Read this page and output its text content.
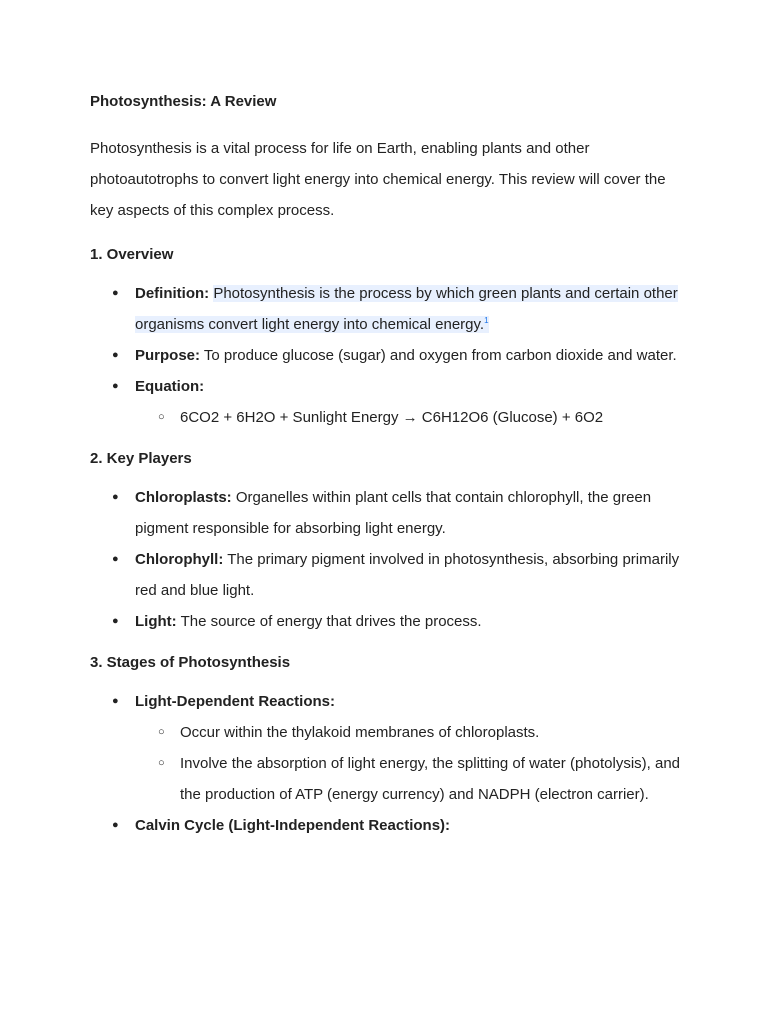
Photosynthesis: A Review
Photosynthesis is a vital process for life on Earth, enabling plants and other photoautotrophs to convert light energy into chemical energy. This review will cover the key aspects of this complex process.
1. Overview
● Definition: Photosynthesis is the process by which green plants and certain other organisms convert light energy into chemical energy.$^1$
● Purpose: To produce glucose (sugar) and oxygen from carbon dioxide and water.
● Equation:
○ 6CO2 + 6H2O + Sunlight Energy → C6H12O6 (Glucose) + 6O2
2. Key Players
● Chloroplasts: Organelles within plant cells that contain chlorophyll, the green pigment responsible for absorbing light energy.
● Chlorophyll: The primary pigment involved in photosynthesis, absorbing primarily red and blue light.
● Light: The source of energy that drives the process.
3. Stages of Photosynthesis
● Light-Dependent Reactions:
○ Occur within the thylakoid membranes of chloroplasts.
○ Involve the absorption of light energy, the splitting of water (photolysis), and the production of ATP (energy currency) and NADPH (electron carrier).
● Calvin Cycle (Light-Independent Reactions):
